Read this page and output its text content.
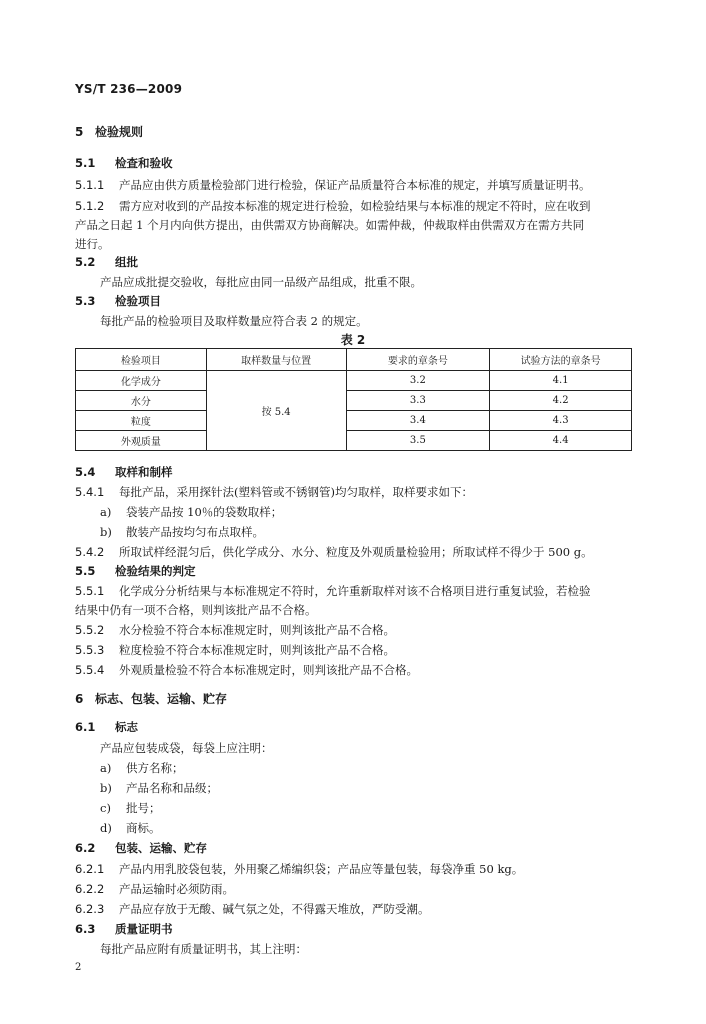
YS/T 236—2009
5 检验规则
5.1 检查和验收
5.1.1 产品应由供方质量检验部门进行检验，保证产品质量符合本标准的规定，并填写质量证明书。
5.1.2 需方应对收到的产品按本标准的规定进行检验，如检验结果与本标准的规定不符时，应在收到
产品之日起 1 个月内向供方提出，由供需双方协商解决。如需仲裁，仲裁取样由供需双方在需方共同
进行。
5.2 组批
产品应成批提交验收，每批应由同一品级产品组成，批重不限。
5.3 检验项目
每批产品的检验项目及取样数量应符合表 2 的规定。
表 2
检验项目	取样数量与位置	要求的章条号	试验方法的章条号
化学成分	按 5.4	3.2	4.1
水分		3.3	4.2
粒度		3.4	4.3
外观质量		3.5	4.4
5.4 取样和制样
5.4.1 每批产品，采用探针法(塑料管或不锈钢管)均匀取样，取样要求如下：
a) 袋装产品按 10％的袋数取样；
b) 散装产品按均匀布点取样。
5.4.2 所取试样经混匀后，供化学成分、水分、粒度及外观质量检验用；所取试样不得少于 500 g。
5.5 检验结果的判定
5.5.1 化学成分分析结果与本标准规定不符时，允许重新取样对该不合格项目进行重复试验，若检验
结果中仍有一项不合格，则判该批产品不合格。
5.5.2 水分检验不符合本标准规定时，则判该批产品不合格。
5.5.3 粒度检验不符合本标准规定时，则判该批产品不合格。
5.5.4 外观质量检验不符合本标准规定时，则判该批产品不合格。
6 标志、包装、运输、贮存
6.1 标志
产品应包装成袋，每袋上应注明：
a) 供方名称；
b) 产品名称和品级；
c) 批号；
d) 商标。
6.2 包装、运输、贮存
6.2.1 产品内用乳胶袋包装，外用聚乙烯编织袋；产品应等量包装，每袋净重 50 kg。
6.2.2 产品运输时必须防雨。
6.2.3 产品应存放于无酸、碱气氛之处，不得露天堆放，严防受潮。
6.3 质量证明书
每批产品应附有质量证明书，其上注明：
2
